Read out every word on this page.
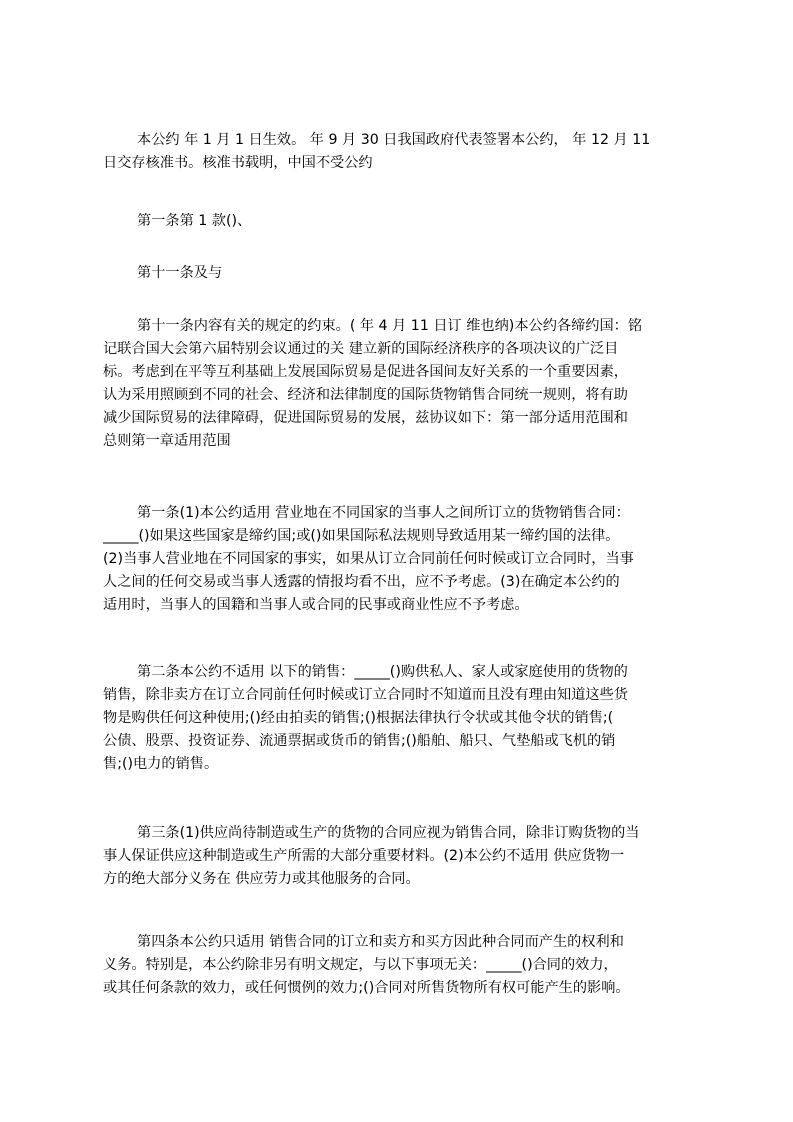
本公约 年 1 月 1 日生效。 年 9 月 30 日我国政府代表签署本公约， 年 12 月 11
日交存核准书。核准书载明，中国不受公约
第一条第 1 款()、
第十一条及与
第十一条内容有关的规定的约束。( 年 4 月 11 日订 维也纳)本公约各缔约国：铭
记联合国大会第六届特别会议通过的关 建立新的国际经济秩序的各项决议的广泛目
标。考虑到在平等互利基础上发展国际贸易是促进各国间友好关系的一个重要因素，
认为采用照顾到不同的社会、经济和法律制度的国际货物销售合同统一规则，将有助
减少国际贸易的法律障碍，促进国际贸易的发展，兹协议如下：第一部分适用范围和
总则第一章适用范围
第一条(1)本公约适用 营业地在不同国家的当事人之间所订立的货物销售合同：
_____()如果这些国家是缔约国;或()如果国际私法规则导致适用某一缔约国的法律。
(2)当事人营业地在不同国家的事实，如果从订立合同前任何时候或订立合同时，当事
人之间的任何交易或当事人透露的情报均看不出，应不予考虑。(3)在确定本公约的
适用时，当事人的国籍和当事人或合同的民事或商业性应不予考虑。
第二条本公约不适用 以下的销售：_____()购供私人、家人或家庭使用的货物的
销售，除非卖方在订立合同前任何时候或订立合同时不知道而且没有理由知道这些货
物是购供任何这种使用;()经由拍卖的销售;()根据法律执行令状或其他令状的销售;(
公债、股票、投资证券、流通票据或货币的销售;()船舶、船只、气垫船或飞机的销
售;()电力的销售。
第三条(1)供应尚待制造或生产的货物的合同应视为销售合同，除非订购货物的当
事人保证供应这种制造或生产所需的大部分重要材料。(2)本公约不适用 供应货物一
方的绝大部分义务在 供应劳力或其他服务的合同。
第四条本公约只适用 销售合同的订立和卖方和买方因此种合同而产生的权利和
义务。特别是，本公约除非另有明文规定，与以下事项无关：_____()合同的效力，
或其任何条款的效力，或任何惯例的效力;()合同对所售货物所有权可能产生的影响。
